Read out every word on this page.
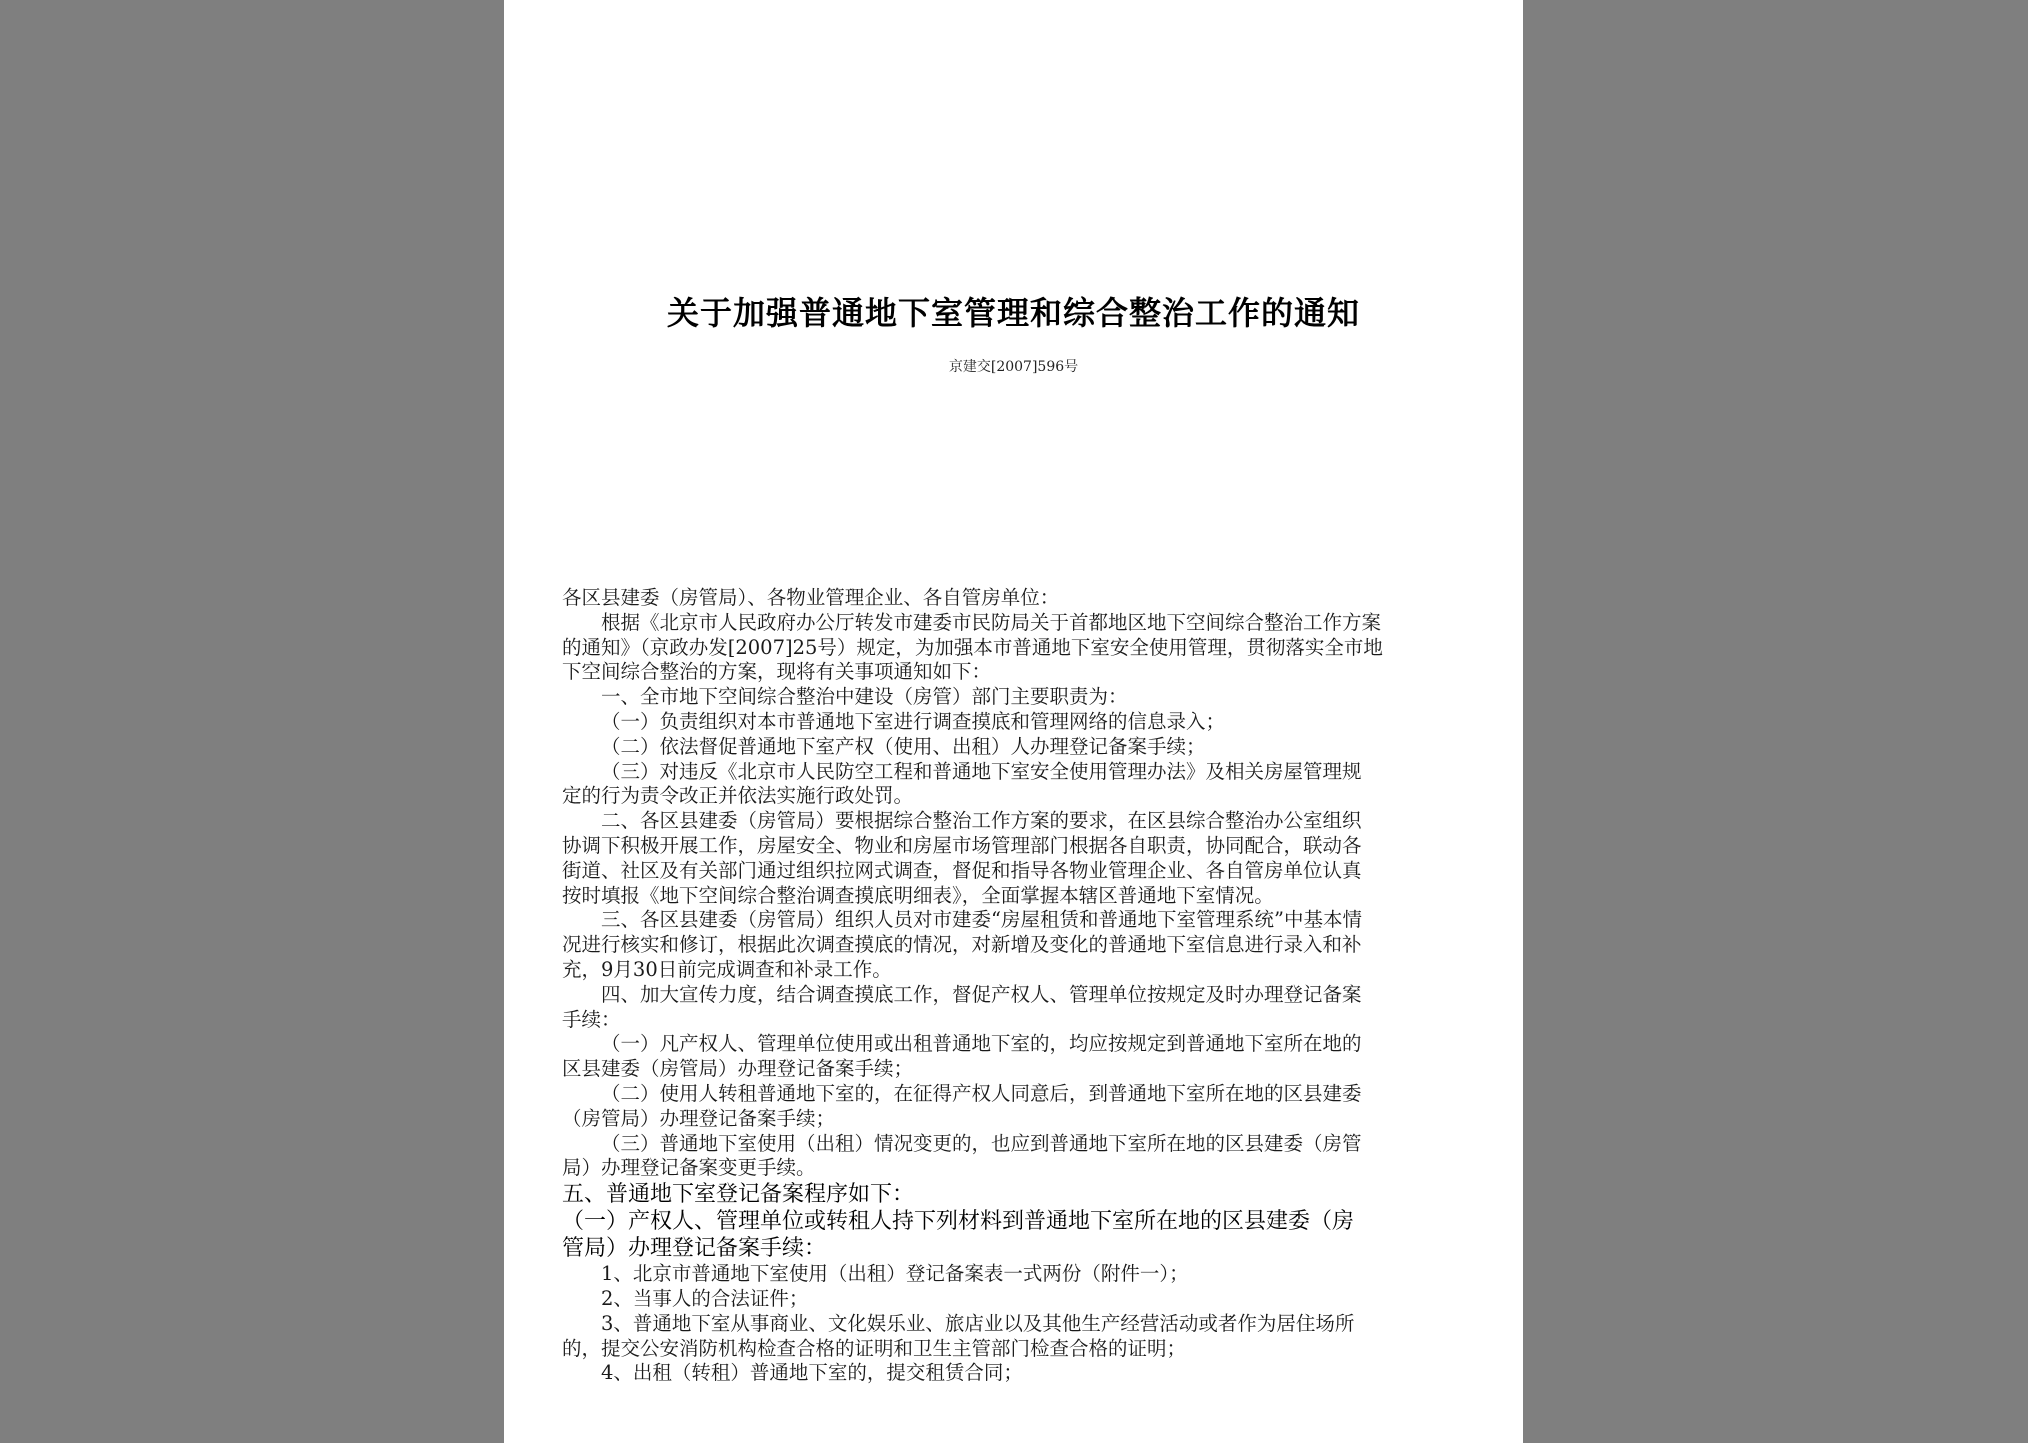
关于加强普通地下室管理和综合整治工作的通知
京建交[2007]596号

各区县建委（房管局）、各物业管理企业、各自管房单位：

根据《北京市人民政府办公厅转发市建委市民防局关于首都地区地下空间综合整治工作方案

的通知》（京政办发[2007]25号）规定，为加强本市普通地下室安全使用管理，贯彻落实全市地

下空间综合整治的方案，现将有关事项通知如下：

一、全市地下空间综合整治中建设（房管）部门主要职责为：

（一）负责组织对本市普通地下室进行调查摸底和管理网络的信息录入；

（二）依法督促普通地下室产权（使用、出租）人办理登记备案手续；

（三）对违反《北京市人民防空工程和普通地下室安全使用管理办法》及相关房屋管理规

定的行为责令改正并依法实施行政处罚。

二、各区县建委（房管局）要根据综合整治工作方案的要求，在区县综合整治办公室组织

协调下积极开展工作，房屋安全、物业和房屋市场管理部门根据各自职责，协同配合，联动各

街道、社区及有关部门通过组织拉网式调查，督促和指导各物业管理企业、各自管房单位认真

按时填报《地下空间综合整治调查摸底明细表》，全面掌握本辖区普通地下室情况。

三、各区县建委（房管局）组织人员对市建委“房屋租赁和普通地下室管理系统”中基本情

况进行核实和修订，根据此次调查摸底的情况，对新增及变化的普通地下室信息进行录入和补

充，9月30日前完成调查和补录工作。

四、加大宣传力度，结合调查摸底工作，督促产权人、管理单位按规定及时办理登记备案

手续：

（一）凡产权人、管理单位使用或出租普通地下室的，均应按规定到普通地下室所在地的

区县建委（房管局）办理登记备案手续；

（二）使用人转租普通地下室的，在征得产权人同意后，到普通地下室所在地的区县建委

（房管局）办理登记备案手续；

（三）普通地下室使用（出租）情况变更的，也应到普通地下室所在地的区县建委（房管

局）办理登记备案变更手续。

五、普通地下室登记备案程序如下：

（一）产权人、管理单位或转租人持下列材料到普通地下室所在地的区县建委（房

管局）办理登记备案手续：

1、北京市普通地下室使用（出租）登记备案表一式两份（附件一）；

2、当事人的合法证件；

3、普通地下室从事商业、文化娱乐业、旅店业以及其他生产经营活动或者作为居住场所

的，提交公安消防机构检查合格的证明和卫生主管部门检查合格的证明；

4、出租（转租）普通地下室的，提交租赁合同；
